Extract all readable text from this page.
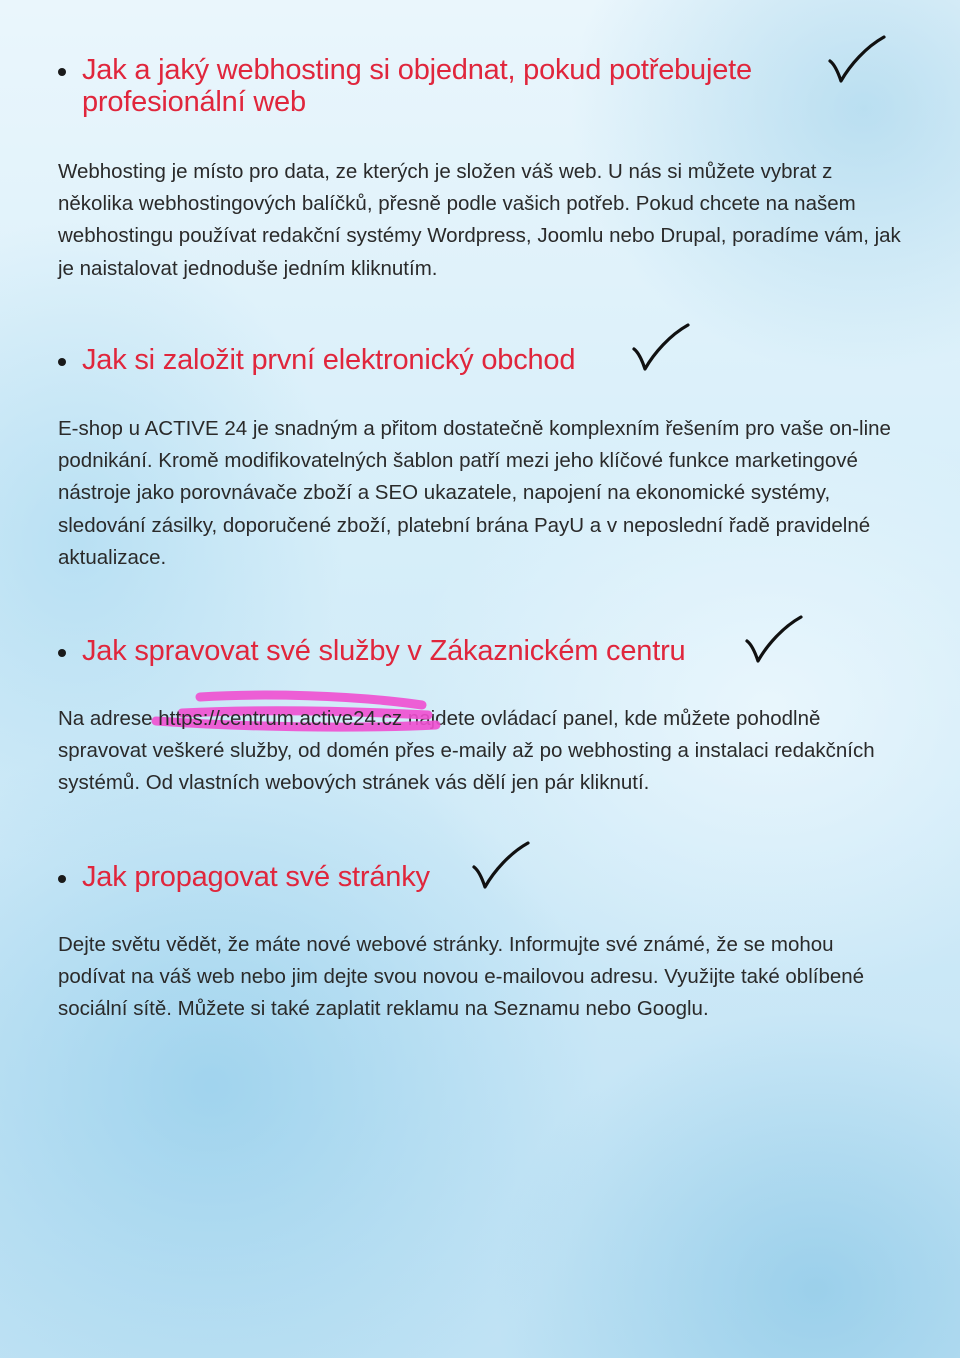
Jak a jaký webhosting si objednat, pokud potřebujete profesionální web

Webhosting je místo pro data, ze kterých je složen váš web. U nás si můžete vybrat z několika webhostingových balíčků, přesně podle vašich potřeb. Pokud chcete na našem webhostingu používat redakční systémy Wordpress, Joomlu nebo Drupal, poradíme vám, jak je naistalovat jednoduše jedním kliknutím.

Jak si založit první elektronický obchod

E-shop u ACTIVE 24 je snadným a přitom dostatečně komplexním řešením pro vaše on-line podnikání. Kromě modifikovatelných šablon patří mezi jeho klíčové funkce marketingové nástroje jako porovnávače zboží a SEO ukazatele, napojení na ekonomické systémy, sledování zásilky, doporučené zboží, platební brána PayU a v neposlední řadě pravidelné aktualizace.

Jak spravovat své služby v Zákaznickém centru

Na adrese
https://centrum.active24.cz najdete ovládací panel, kde můžete pohodlně spravovat veškeré služby, od domén přes e-maily až po webhosting a instalaci redakčních systémů. Od vlastních webových stránek vás dělí jen pár kliknutí.

Jak propagovat své stránky

Dejte světu vědět, že máte nové webové stránky. Informujte své známé, že se mohou podívat na váš web nebo jim dejte svou novou e-mailovou adresu. Využijte také oblíbené sociální sítě. Můžete si také zaplatit reklamu na Seznamu nebo Googlu.
